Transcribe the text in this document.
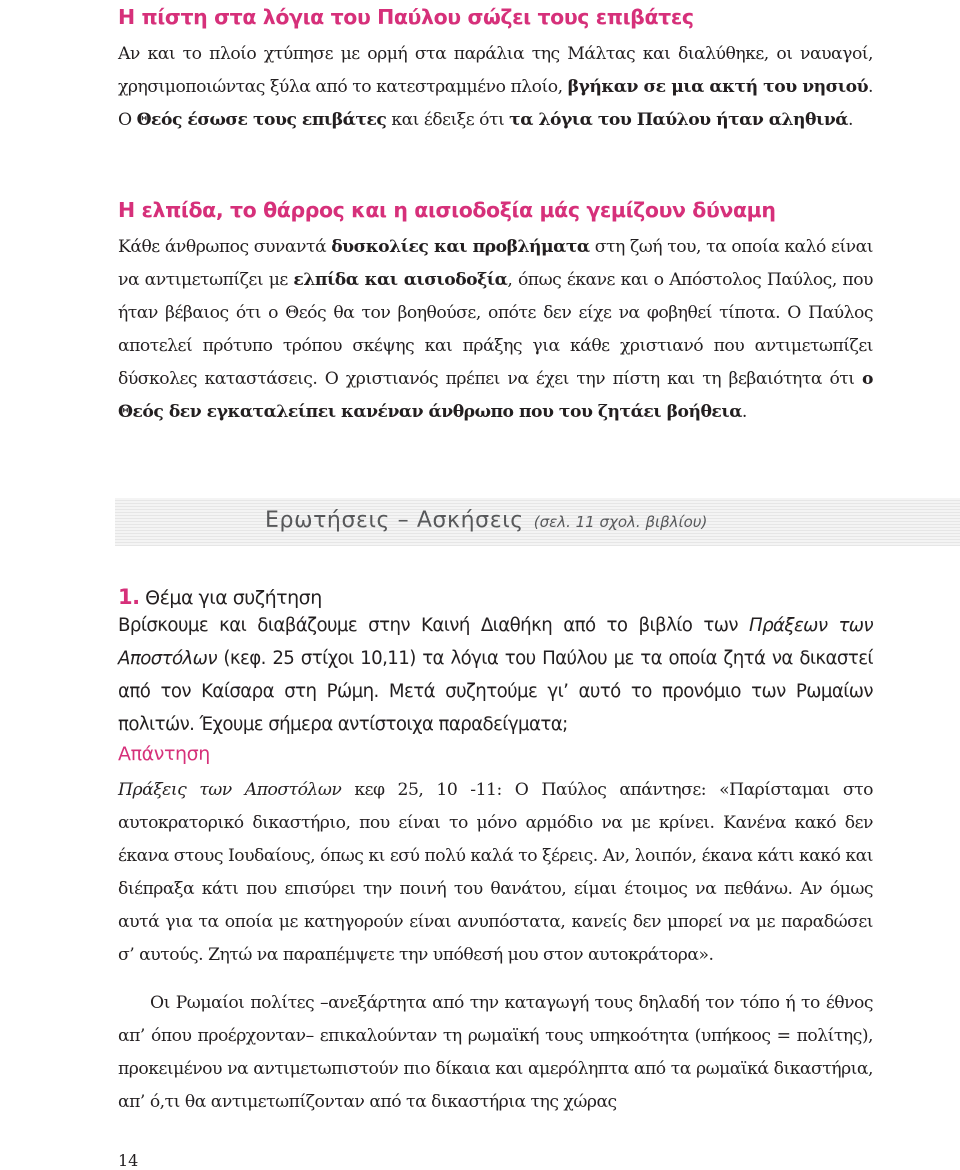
Η πίστη στα λόγια του Παύλου σώζει τους επιβάτες

Αν και το πλοίο χτύπησε με ορμή στα παράλια της Μάλτας και διαλύθηκε, οι ναυαγοί, χρησιμοποιώντας ξύλα από το κατεστραμμένο πλοίο, βγήκαν σε μια ακτή του νησιού. Ο Θεός έσωσε τους επιβάτες και έδειξε ότι τα λόγια του Παύλου ήταν αληθινά.

Η ελπίδα, το θάρρος και η αισιοδοξία μάς γεμίζουν δύναμη

Κάθε άνθρωπος συναντά δυσκολίες και προβλήματα στη ζωή του, τα οποία καλό είναι να αντιμετωπίζει με ελπίδα και αισιοδοξία, όπως έκανε και ο Απόστολος Παύλος, που ήταν βέβαιος ότι ο Θεός θα τον βοηθούσε, οπότε δεν είχε να φοβηθεί τίποτα. Ο Παύλος αποτελεί πρότυπο τρόπου σκέψης και πράξης για κάθε χριστιανό που αντιμετωπίζει δύσκολες καταστάσεις. Ο χριστιανός πρέπει να έχει την πίστη και τη βεβαιότητα ότι ο Θεός δεν εγκαταλείπει κανέναν άνθρωπο που του ζητάει βοήθεια.

Ερωτήσεις – Ασκήσεις (σελ. 11 σχολ. βιβλίου)

1. Θέμα για συζήτηση

Βρίσκουμε και διαβάζουμε στην Καινή Διαθήκη από το βιβλίο των Πράξεων των Αποστόλων (κεφ. 25 στίχοι 10,11) τα λόγια του Παύλου με τα οποία ζητά να δικαστεί από τον Καίσαρα στη Ρώμη. Μετά συζητούμε γι’ αυτό το προνόμιο των Ρωμαίων πολιτών. Έχουμε σήμερα αντίστοιχα παραδείγματα;

Απάντηση

Πράξεις των Αποστόλων κεφ 25, 10 -11: Ο Παύλος απάντησε: «Παρίσταμαι στο αυτοκρατορικό δικαστήριο, που είναι το μόνο αρμόδιο να με κρίνει. Κανένα κακό δεν έκανα στους Ιουδαίους, όπως κι εσύ πολύ καλά το ξέρεις. Αν, λοιπόν, έκανα κάτι κακό και διέπραξα κάτι που επισύρει την ποινή του θανάτου, είμαι έτοιμος να πεθάνω. Αν όμως αυτά για τα οποία με κατηγορούν είναι ανυπόστατα, κανείς δεν μπορεί να με παραδώσει σ’ αυτούς. Ζητώ να παραπέμψετε την υπόθεσή μου στον αυτοκράτορα».

Οι Ρωμαίοι πολίτες –ανεξάρτητα από την καταγωγή τους δηλαδή τον τόπο ή το έθνος απ’ όπου προέρχονταν– επικαλούνταν τη ρωμαϊκή τους υπηκοότητα (υπήκοος = πολίτης), προκειμένου να αντιμετωπιστούν πιο δίκαια και αμερόληπτα από τα ρωμαϊκά δικαστήρια, απ’ ό,τι θα αντιμετωπίζονταν από τα δικαστήρια της χώρας

14
